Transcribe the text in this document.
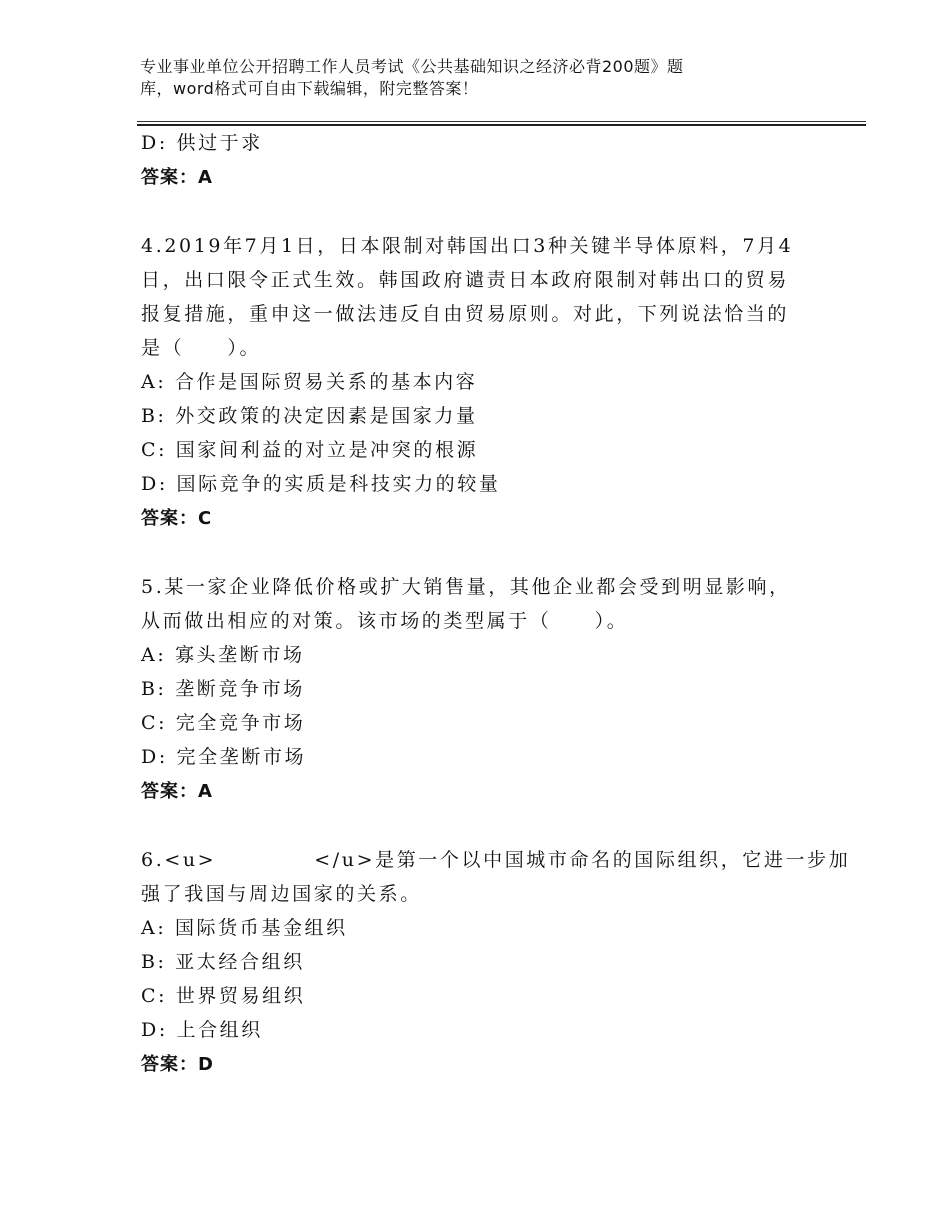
专业事业单位公开招聘工作人员考试《公共基础知识之经济必背200题》题
库，word格式可自由下载编辑，附完整答案！
D: 供过于求
答案：A
4.2019年7月1日，日本限制对韩国出口3种关键半导体原料，7月4
日，出口限令正式生效。韩国政府谴责日本政府限制对韩出口的贸易
报复措施，重申这一做法违反自由贸易原则。对此，下列说法恰当的
是（　　）。
A: 合作是国际贸易关系的基本内容
B: 外交政策的决定因素是国家力量
C: 国家间利益的对立是冲突的根源
D: 国际竞争的实质是科技实力的较量
答案：C
5.某一家企业降低价格或扩大销售量，其他企业都会受到明显影响，
从而做出相应的对策。该市场的类型属于（　　）。
A: 寡头垄断市场
B: 垄断竞争市场
C: 完全竞争市场
D: 完全垄断市场
答案：A
6.<u>	</u>是第一个以中国城市命名的国际组织，它进一步加
强了我国与周边国家的关系。
A: 国际货币基金组织
B: 亚太经合组织
C: 世界贸易组织
D: 上合组织
答案：D
